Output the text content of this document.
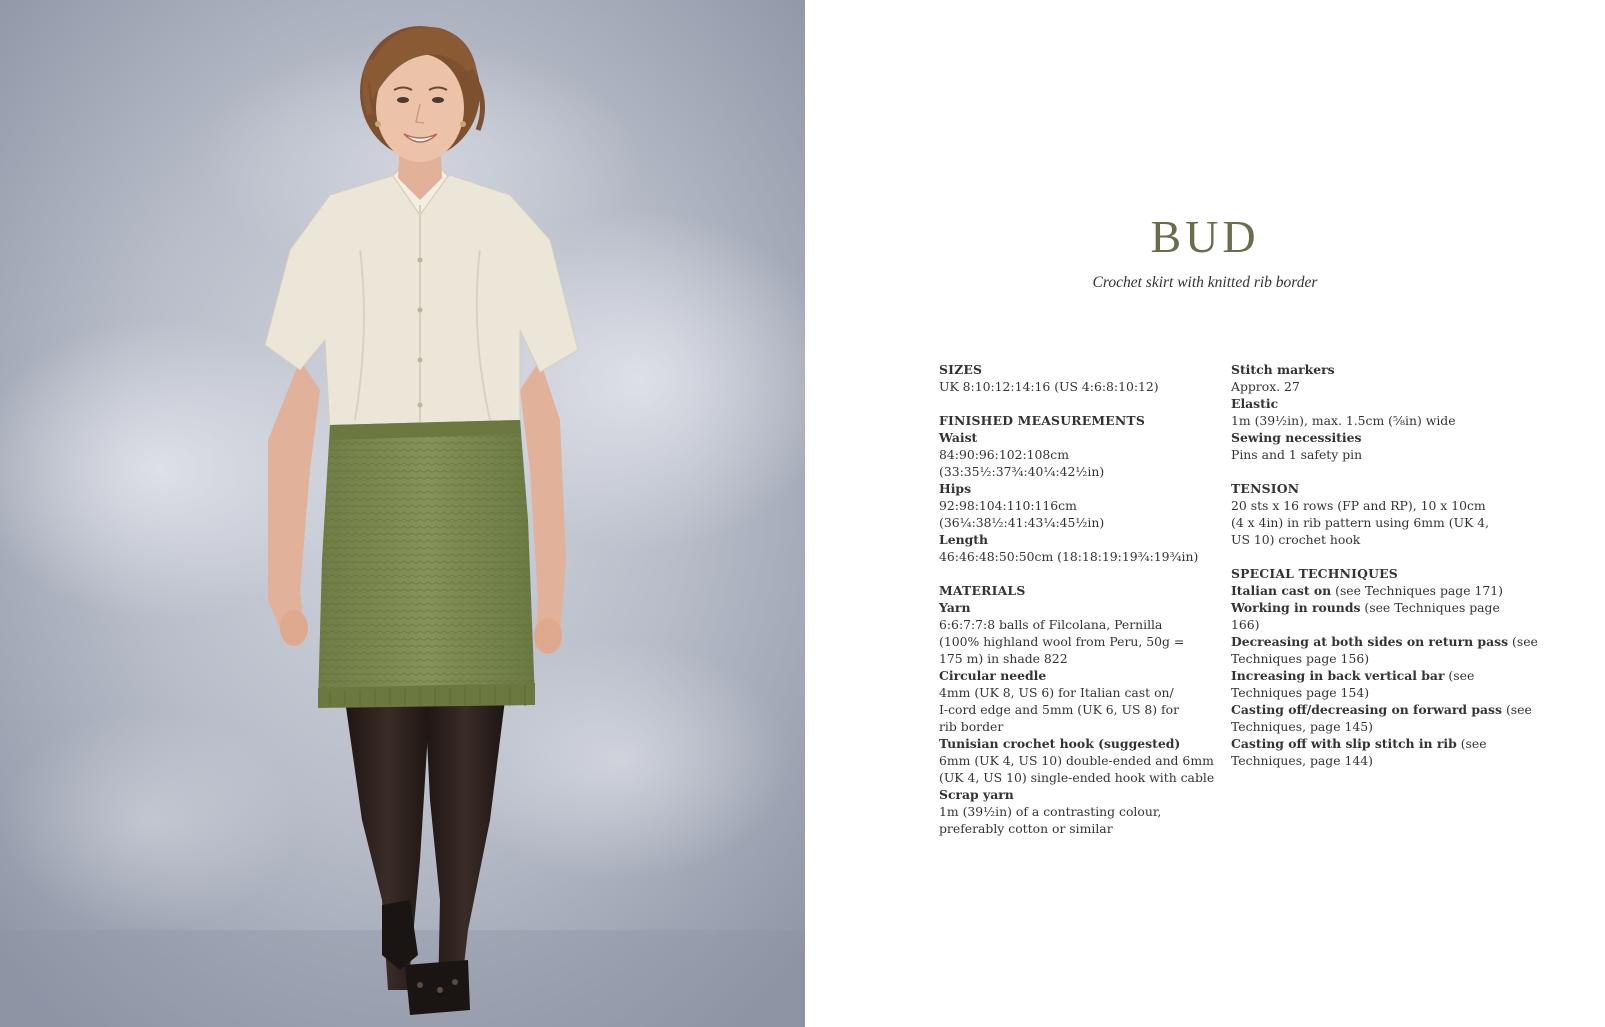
BUD
Crochet skirt with knitted rib border
SIZES
UK 8:10:12:14:16 (US 4:6:8:10:12)
FINISHED MEASUREMENTS
Waist
84:90:96:102:108cm
(33:35½:37¾:40¼:42½in)
Hips
92:98:104:110:116cm
(36¼:38½:41:43¼:45½in)
Length
46:46:48:50:50cm (18:18:19:19¾:19¾in)
MATERIALS
Yarn
6:6:7:7:8 balls of Filcolana, Pernilla
(100% highland wool from Peru, 50g =
175 m) in shade 822
Circular needle
4mm (UK 8, US 6) for Italian cast on/
I-cord edge and 5mm (UK 6, US 8) for
rib border
Tunisian crochet hook (suggested)
6mm (UK 4, US 10) double-ended and 6mm
(UK 4, US 10) single-ended hook with cable
Scrap yarn
1m (39½in) of a contrasting colour,
preferably cotton or similar
Stitch markers
Approx. 27
Elastic
1m (39½in), max. 1.5cm (⅝in) wide
Sewing necessities
Pins and 1 safety pin
TENSION
20 sts x 16 rows (FP and RP), 10 x 10cm
(4 x 4in) in rib pattern using 6mm (UK 4,
US 10) crochet hook
SPECIAL TECHNIQUES
Italian cast on (see Techniques page 171)
Working in rounds (see Techniques page
166)
Decreasing at both sides on return pass (see
Techniques page 156)
Increasing in back vertical bar (see
Techniques page 154)
Casting off/decreasing on forward pass (see
Techniques, page 145)
Casting off with slip stitch in rib (see
Techniques, page 144)
